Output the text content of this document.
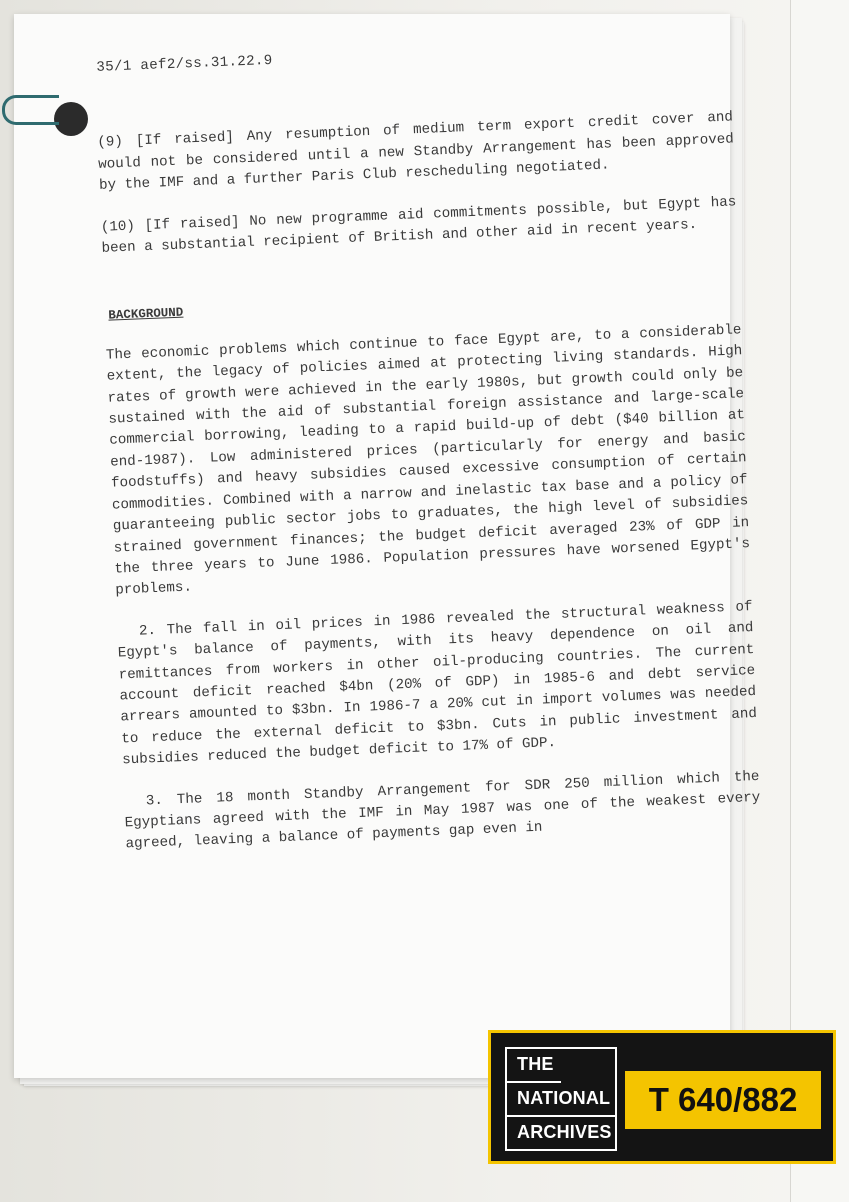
35/1 aef2/ss.31.22.9

(9) [If raised] Any resumption of medium term export credit cover and would not be considered until a new Standby Arrangement has been approved by the IMF and a further Paris Club rescheduling negotiated.

(10) [If raised] No new programme aid commitments possible, but Egypt has been a substantial recipient of British and other aid in recent years.

BACKGROUND

The economic problems which continue to face Egypt are, to a considerable extent, the legacy of policies aimed at protecting living standards. High rates of growth were achieved in the early 1980s, but growth could only be sustained with the aid of substantial foreign assistance and large-scale commercial borrowing, leading to a rapid build-up of debt ($40 billion at end-1987). Low administered prices (particularly for energy and basic foodstuffs) and heavy subsidies caused excessive consumption of certain commodities. Combined with a narrow and inelastic tax base and a policy of guaranteeing public sector jobs to graduates, the high level of subsidies strained government finances; the budget deficit averaged 23% of GDP in the three years to June 1986. Population pressures have worsened Egypt's problems.

2. The fall in oil prices in 1986 revealed the structural weakness of Egypt's balance of payments, with its heavy dependence on oil and remittances from workers in other oil-producing countries. The current account deficit reached $4bn (20% of GDP) in 1985-6 and debt service arrears amounted to $3bn. In 1986-7 a 20% cut in import volumes was needed to reduce the external deficit to $3bn. Cuts in public investment and subsidies reduced the budget deficit to 17% of GDP.

3. The 18 month Standby Arrangement for SDR 250 million which the Egyptians agreed with the IMF in May 1987 was one of the weakest every agreed, leaving a balance of payments gap even in

THE
NATIONAL
ARCHIVES
T 640/882
